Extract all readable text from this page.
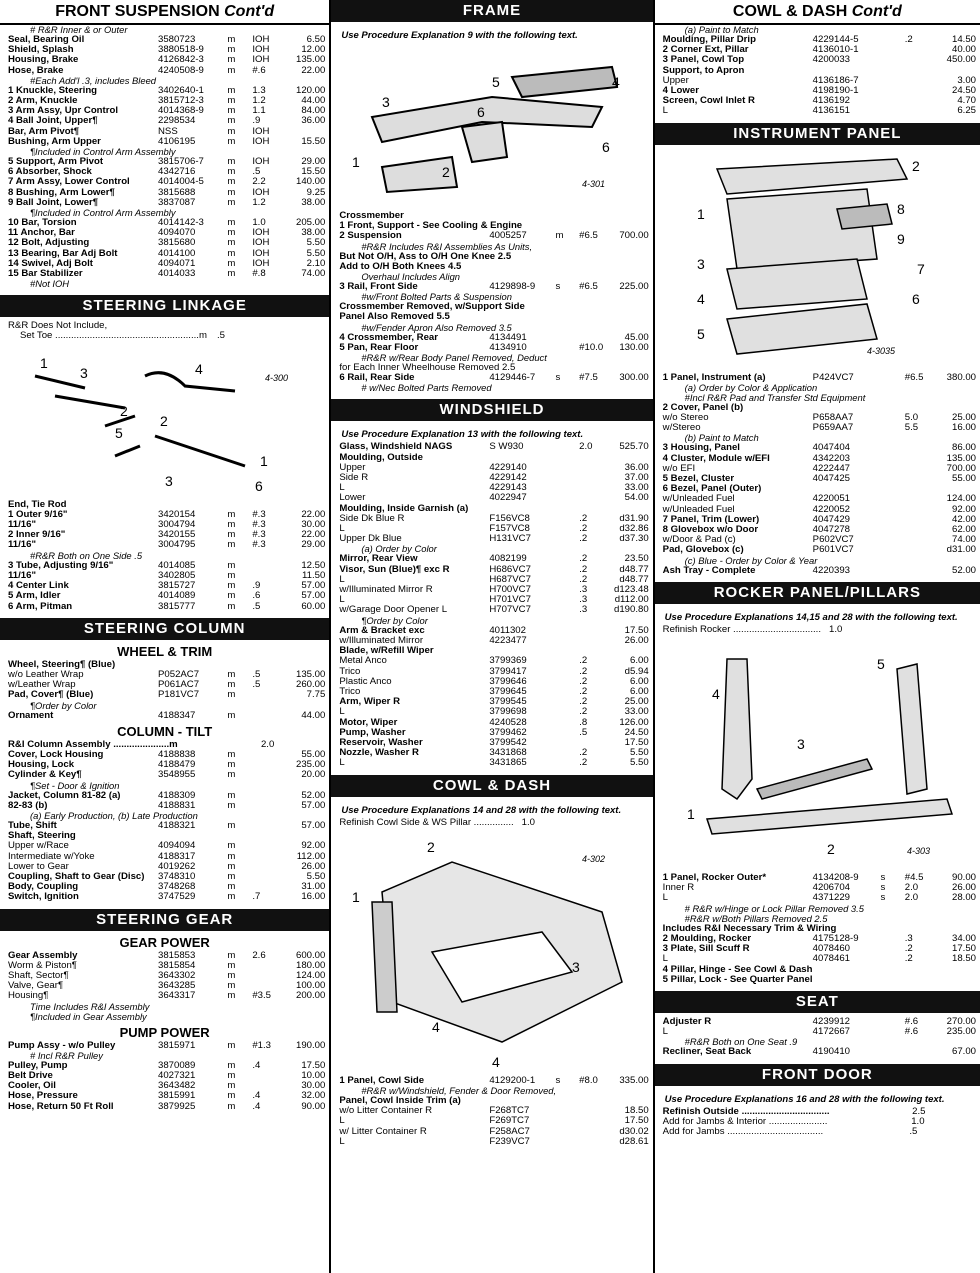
FRONT SUSPENSION Cont'd
# R&R Inner & or Outer
Seal, Bearing Oil	3580723	m	IOH	6.50
Shield, Splash	3880518-9	m	IOH	12.00
Housing, Brake	4126842-3	m	IOH	135.00
Hose, Brake	4240508-9	m	#.6	22.00
#Each Add'l .3, includes Bleed
1 Knuckle, Steering	3402640-1	m	1.3	120.00
2 Arm, Knuckle	3815712-3	m	1.2	44.00
3 Arm Assy, Upr Control	4014368-9	m	1.1	84.00
4 Ball Joint, Upper¶	2298534	m	.9	36.00
Bar, Arm Pivot¶	NSS	m	IOH
Bushing, Arm Upper	4106195	m	IOH	15.50
¶Included in Control Arm Assembly
5 Support, Arm Pivot	3815706-7	m	IOH	29.00
6 Absorber, Shock	4342716	m	.5	15.50
7 Arm Assy, Lower Control	4014004-5	m	2.2	140.00
8 Bushing, Arm Lower¶	3815688	m	IOH	9.25
9 Ball Joint, Lower¶	3837087	m	1.2	38.00
¶Included in Control Arm Assembly
10 Bar, Torsion	4014142-3	m	1.0	205.00
11 Anchor, Bar	4094070	m	IOH	38.00
12 Bolt, Adjusting	3815680	m	IOH	5.50
13 Bearing, Bar Adj Bolt	4014100	m	IOH	5.50
14 Swivel, Adj Bolt	4094071	m	IOH	2.10
15 Bar Stabilizer	4014033	m	#.8	74.00
#Not IOH
STEERING LINKAGE
R&R Does Not Include,
Set Toe ......................................................m	.5
1
3
2
4
2
5
3
1
6
4-300
End, Tie Rod
1 Outer 9/16"	3420154	m	#.3	22.00
11/16"	3004794	m	#.3	30.00
2 Inner 9/16"	3420155	m	#.3	22.00
11/16"	3004795	m	#.3	29.00
#R&R Both on One Side .5
3 Tube, Adjusting 9/16"	4014085	m	12.50
11/16"	3402805	m	11.50
4 Center Link	3815727	m	.9	57.00
5 Arm, Idler	4014089	m	.6	57.00
6 Arm, Pitman	3815777	m	.5	60.00
STEERING COLUMN
WHEEL & TRIM
Wheel, Steering¶ (Blue)
w/o Leather Wrap	P052AC7	m	.5	135.00
w/Leather Wrap	P061AC7	m	.5	260.00
Pad, Cover¶ (Blue)	P181VC7	m	7.75
¶Order by Color
Ornament	4188347	m	44.00
COLUMN - TILT
R&I Column Assembly .....................m	2.0
Cover, Lock Housing	4188838	m	55.00
Housing, Lock	4188479	m	235.00
Cylinder & Key¶	3548955	m	20.00
¶Set - Door & Ignition
Jacket, Column 81-82 (a)	4188309	m	52.00
82-83 (b)	4188831	m	57.00
(a) Early Production, (b) Late Production
Tube, Shift	4188321	m	57.00
Shaft, Steering
Upper w/Race	4094094	m	92.00
Intermediate w/Yoke	4188317	m	112.00
Lower to Gear	4019262	m	26.00
Coupling, Shaft to Gear (Disc)	3748310	m	5.50
Body, Coupling	3748268	m	31.00
Switch, Ignition	3747529	m	.7	16.00
STEERING GEAR
GEAR POWER
Gear Assembly	3815853	m	2.6	600.00
Worm & Piston¶	3815854	m	180.00
Shaft, Sector¶	3643302	m	124.00
Valve, Gear¶	3643285	m	100.00
Housing¶	3643317	m	#3.5	200.00
Time Includes R&I Assembly
¶Included in Gear Assembly
PUMP POWER
Pump Assy - w/o Pulley	3815971	m	#1.3	190.00
# Incl R&R Pulley
Pulley, Pump	3870089	m	.4	17.50
Belt Drive	4027321	m	10.00
Cooler, Oil	3643482	m	30.00
Hose, Pressure	3815991	m	.4	32.00
Hose, Return 50 Ft Roll	3879925	m	.4	90.00
FRAME
Use Procedure Explanation 9 with the following text.
3
5
6
4
6
1
2
4-301
Crossmember
1 Front, Support - See Cooling & Engine
2 Suspension	4005257	m	#6.5	700.00
#R&R Includes R&I Assemblies As Units,
But Not O/H, Ass to O/H One Knee 2.5
Add to O/H Both Knees 4.5
Overhaul Includes Align
3 Rail, Front Side	4129898-9	s	#6.5	225.00
#w/Front Bolted Parts & Suspension
Crossmember Removed, w/Support Side
Panel Also Removed 5.5
#w/Fender Apron Also Removed 3.5
4 Crossmember, Rear	4134491	45.00
5 Pan, Rear Floor	4134910	#10.0	130.00
#R&R w/Rear Body Panel Removed, Deduct
for Each Inner Wheelhouse Removed 2.5
6 Rail, Rear Side	4129446-7	s	#7.5	300.00
# w/Nec Bolted Parts Removed
WINDSHIELD
Use Procedure Explanation 13 with the following text.
Glass, Windshield NAGS	S W930	2.0	525.70
Moulding, Outside
Upper	4229140	36.00
Side R	4229142	37.00
L	4229143	33.00
Lower	4022947	54.00
Moulding, Inside Garnish (a)
Side Dk Blue R	F156VC8	.2	d31.90
L	F157VC8	.2	d32.86
Upper Dk Blue	H131VC7	.2	d37.30
(a) Order by Color
Mirror, Rear View	4082199	.2	23.50
Visor, Sun (Blue)¶ exc R	H686VC7	.2	d48.77
L	H687VC7	.2	d48.77
w/Illuminated Mirror R	H700VC7	.3	d123.48
L	H701VC7	.3	d112.00
w/Garage Door Opener L	H707VC7	.3	d190.80
¶Order by Color
Arm & Bracket exc	4011302	17.50
w/Illuminated Mirror	4223477	26.00
Blade, w/Refill Wiper
Metal Anco	3799369	.2	6.00
Trico	3799417	.2	d5.94
Plastic Anco	3799646	.2	6.00
Trico	3799645	.2	6.00
Arm, Wiper R	3799545	.2	25.00
L	3799698	.2	33.00
Motor, Wiper	4240528	.8	126.00
Pump, Washer	3799462	.5	24.50
Reservoir, Washer	3799542	17.50
Nozzle, Washer R	3431868	.2	5.50
L	3431865	.2	5.50
COWL & DASH
Use Procedure Explanations 14 and 28 with the following text.
Refinish Cowl Side & WS Pillar ............... 1.0
2
1
3
4
4
4-302
1 Panel, Cowl Side	4129200-1	s	#8.0	335.00
#R&R w/Windshield, Fender & Door Removed,
Panel, Cowl Inside Trim (a)
w/o Litter Container R	F268TC7	18.50
L	F269TC7	17.50
w/ Litter Container R	F258AC7	d30.02
L	F239VC7	d28.61
COWL & DASH Cont'd
(a) Paint to Match
Moulding, Pillar Drip	4229144-5	.2	14.50
2 Corner Ext, Pillar	4136010-1	40.00
3 Panel, Cowl Top	4200033	450.00
Support, to Apron
Upper	4136186-7	3.00
4 Lower	4198190-1	24.50
Screen, Cowl Inlet R	4136192	4.70
L	4136151	6.25
INSTRUMENT PANEL
2
1	8
3
9
7
4	6
5
4-3035
1 Panel, Instrument (a)	P424VC7	#6.5	380.00
(a) Order by Color & Application
#Incl R&R Pad and Transfer Std Equipment
2 Cover, Panel (b)
w/o Stereo	P658AA7	5.0	25.00
w/Stereo	P659AA7	5.5	16.00
(b) Paint to Match
3 Housing, Panel	4047404	86.00
4 Cluster, Module w/EFI	4342203	135.00
w/o EFI	4222447	700.00
5 Bezel, Cluster	4047425	55.00
6 Bezel, Panel (Outer)
w/Unleaded Fuel	4220051	124.00
w/Unleaded Fuel	4220052	92.00
7 Panel, Trim (Lower)	4047429	42.00
8 Glovebox w/o Door	4047278	62.00
w/Door & Pad (c)	P602VC7	74.00
Pad, Glovebox (c)	P601VC7	d31.00
(c) Blue - Order by Color & Year
Ash Tray - Complete	4220393	52.00
ROCKER PANEL/PILLARS
Use Procedure Explanations 14,15 and 28 with the following text.
Refinish Rocker ................................. 1.0
4
5
3
1
2	4-303
1 Panel, Rocker Outer*	4134208-9	s	#4.5	90.00
Inner R	4206704	s	2.0	26.00
L	4371229	s	2.0	28.00
# R&R w/Hinge or Lock Pillar Removed 3.5
#R&R w/Both Pillars Removed 2.5
Includes R&I Necessary Trim & Wiring
2 Moulding, Rocker	4175128-9	.3	34.00
3 Plate, Sill Scuff R	4078460	.2	17.50
L	4078461	.2	18.50
4 Pillar, Hinge - See Cowl & Dash
5 Pillar, Lock - See Quarter Panel
SEAT
Adjuster R	4239912	#.6	270.00
L	4172667	#.6	235.00
#R&R Both on One Seat .9
Recliner, Seat Back	4190410	67.00
FRONT DOOR
Use Procedure Explanations 16 and 28 with the following text.
Refinish Outside .................................	2.5
Add for Jambs & Interior ......................	1.0
Add for Jambs ....................................	.5
